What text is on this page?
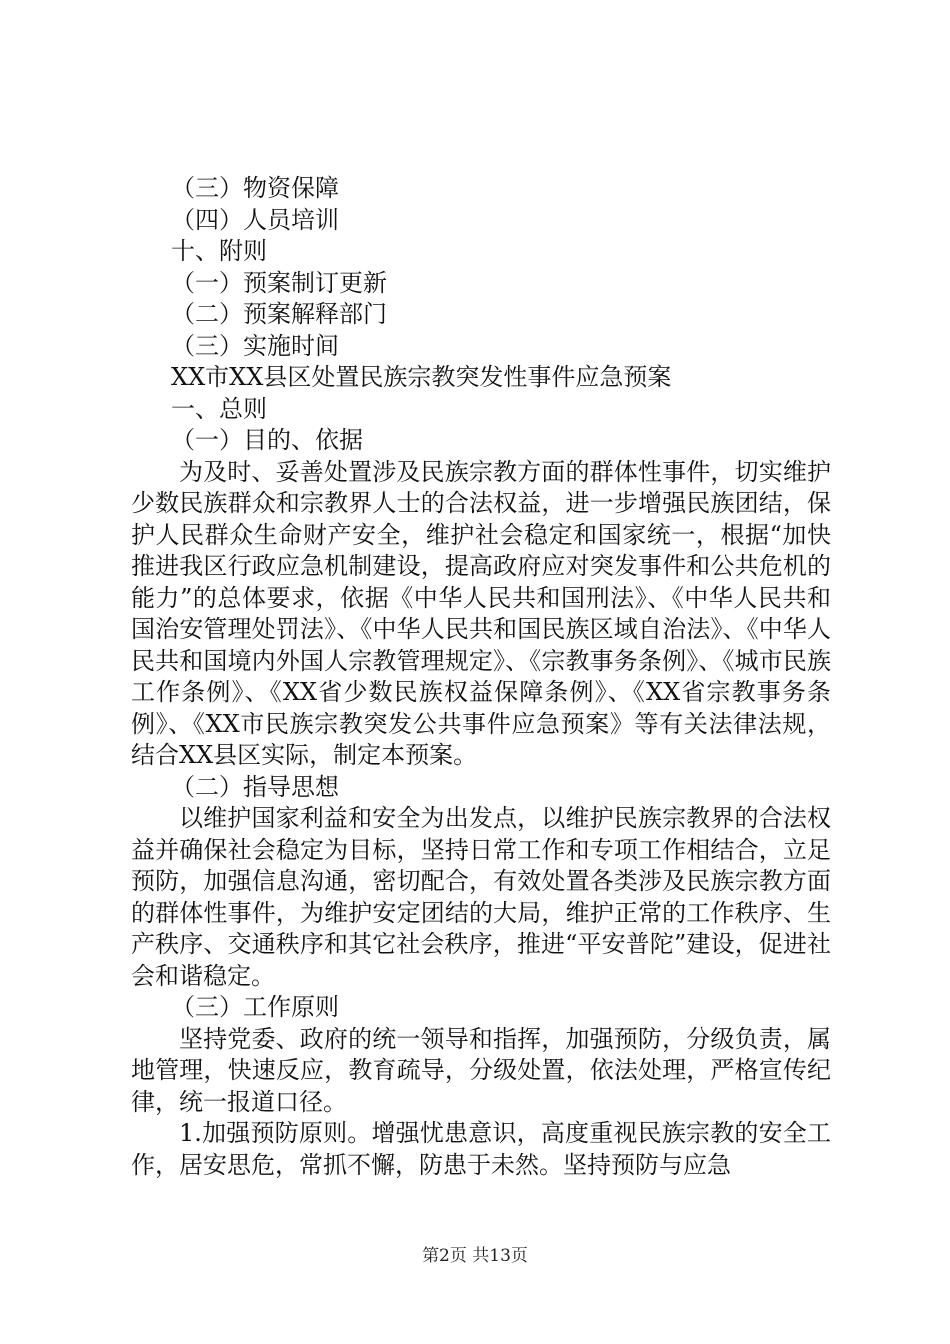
（三）物资保障

（四）人员培训

十、附则

（一）预案制订更新

（二）预案解释部门

（三）实施时间

XX市XX县区处置民族宗教突发性事件应急预案

一、总则

（一）目的、依据

为及时、妥善处置涉及民族宗教方面的群体性事件，切实维护少数民族群众和宗教界人士的合法权益，进一步增强民族团结，保护人民群众生命财产安全，维护社会稳定和国家统一，根据“加快推进我区行政应急机制建设，提高政府应对突发事件和公共危机的能力”的总体要求，依据《中华人民共和国刑法》、《中华人民共和国治安管理处罚法》、《中华人民共和国民族区域自治法》、《中华人民共和国境内外国人宗教管理规定》、《宗教事务条例》、《城市民族工作条例》、《XX省少数民族权益保障条例》、《XX省宗教事务条例》、《XX市民族宗教突发公共事件应急预案》等有关法律法规，结合XX县区实际，制定本预案。

（二）指导思想

以维护国家利益和安全为出发点，以维护民族宗教界的合法权益并确保社会稳定为目标，坚持日常工作和专项工作相结合，立足预防，加强信息沟通，密切配合，有效处置各类涉及民族宗教方面的群体性事件，为维护安定团结的大局，维护正常的工作秩序、生产秩序、交通秩序和其它社会秩序，推进“平安普陀”建设，促进社会和谐稳定。

（三）工作原则

坚持党委、政府的统一领导和指挥，加强预防，分级负责，属地管理，快速反应，教育疏导，分级处置，依法处理，严格宣传纪律，统一报道口径。

1.加强预防原则。增强忧患意识，高度重视民族宗教的安全工作，居安思危，常抓不懈，防患于未然。坚持预防与应急

第2页 共13页
